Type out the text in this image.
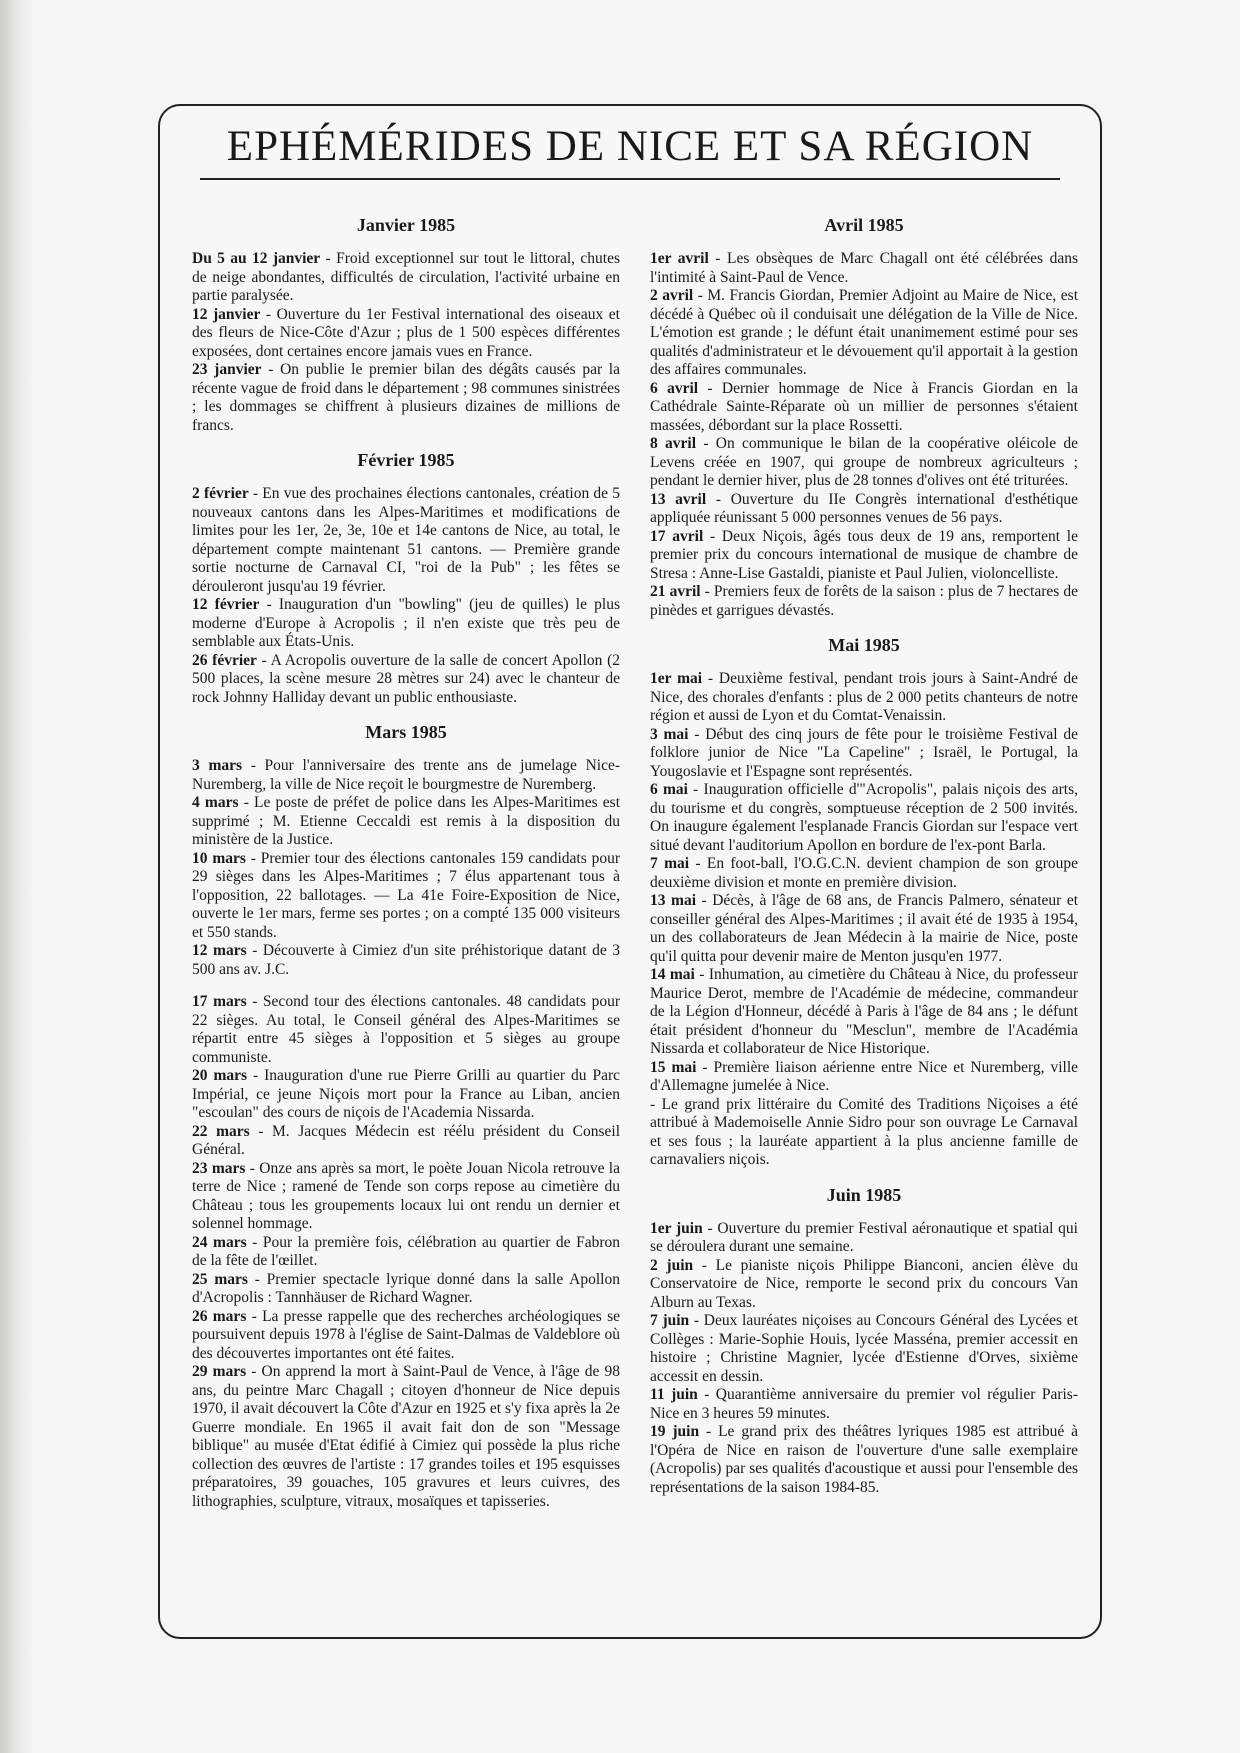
EPHÉMÉRIDES DE NICE ET SA RÉGION
Janvier 1985

Du 5 au 12 janvier - Froid exceptionnel sur tout le littoral, chutes de neige abondantes, difficultés de circulation, l'activité urbaine en partie paralysée.

12 janvier - Ouverture du 1er Festival international des oiseaux et des fleurs de Nice-Côte d'Azur ; plus de 1 500 espèces différentes exposées, dont certaines encore jamais vues en France.

23 janvier - On publie le premier bilan des dégâts causés par la récente vague de froid dans le département ; 98 communes sinistrées ; les dommages se chiffrent à plusieurs dizaines de millions de francs.

Février 1985

2 février - En vue des prochaines élections cantonales, création de 5 nouveaux cantons dans les Alpes-Maritimes et modifications de limites pour les 1er, 2e, 3e, 10e et 14e cantons de Nice, au total, le département compte maintenant 51 cantons. — Première grande sortie nocturne de Carnaval CI, "roi de la Pub" ; les fêtes se dérouleront jusqu'au 19 février.

12 février - Inauguration d'un "bowling" (jeu de quilles) le plus moderne d'Europe à Acropolis ; il n'en existe que très peu de semblable aux États-Unis.

26 février - A Acropolis ouverture de la salle de concert Apollon (2 500 places, la scène mesure 28 mètres sur 24) avec le chanteur de rock Johnny Halliday devant un public enthousiaste.

Mars 1985

3 mars - Pour l'anniversaire des trente ans de jumelage Nice-Nuremberg, la ville de Nice reçoit le bourgmestre de Nuremberg.

4 mars - Le poste de préfet de police dans les Alpes-Maritimes est supprimé ; M. Etienne Ceccaldi est remis à la disposition du ministère de la Justice.

10 mars - Premier tour des élections cantonales 159 candidats pour 29 sièges dans les Alpes-Maritimes ; 7 élus appartenant tous à l'opposition, 22 ballotages. — La 41e Foire-Exposition de Nice, ouverte le 1er mars, ferme ses portes ; on a compté 135 000 visiteurs et 550 stands.

12 mars - Découverte à Cimiez d'un site préhistorique datant de 3 500 ans av. J.C.

17 mars - Second tour des élections cantonales. 48 candidats pour 22 sièges. Au total, le Conseil général des Alpes-Maritimes se répartit entre 45 sièges à l'opposition et 5 sièges au groupe communiste.

20 mars - Inauguration d'une rue Pierre Grilli au quartier du Parc Impérial, ce jeune Niçois mort pour la France au Liban, ancien "escoulan" des cours de niçois de l'Academia Nissarda.

22 mars - M. Jacques Médecin est réélu président du Conseil Général.

23 mars - Onze ans après sa mort, le poète Jouan Nicola retrouve la terre de Nice ; ramené de Tende son corps repose au cimetière du Château ; tous les groupements locaux lui ont rendu un dernier et solennel hommage.

24 mars - Pour la première fois, célébration au quartier de Fabron de la fête de l'œillet.

25 mars - Premier spectacle lyrique donné dans la salle Apollon d'Acropolis : Tannhäuser de Richard Wagner.

26 mars - La presse rappelle que des recherches archéologiques se poursuivent depuis 1978 à l'église de Saint-Dalmas de Valdeblore où des découvertes importantes ont été faites.

29 mars - On apprend la mort à Saint-Paul de Vence, à l'âge de 98 ans, du peintre Marc Chagall ; citoyen d'honneur de Nice depuis 1970, il avait découvert la Côte d'Azur en 1925 et s'y fixa après la 2e Guerre mondiale. En 1965 il avait fait don de son "Message biblique" au musée d'Etat édifié à Cimiez qui possède la plus riche collection des œuvres de l'artiste : 17 grandes toiles et 195 esquisses préparatoires, 39 gouaches, 105 gravures et leurs cuivres, des lithographies, sculpture, vitraux, mosaïques et tapisseries.

Avril 1985

1er avril - Les obsèques de Marc Chagall ont été célébrées dans l'intimité à Saint-Paul de Vence.

2 avril - M. Francis Giordan, Premier Adjoint au Maire de Nice, est décédé à Québec où il conduisait une délégation de la Ville de Nice. L'émotion est grande ; le défunt était unanimement estimé pour ses qualités d'administrateur et le dévouement qu'il apportait à la gestion des affaires communales.

6 avril - Dernier hommage de Nice à Francis Giordan en la Cathédrale Sainte-Réparate où un millier de personnes s'étaient massées, débordant sur la place Rossetti.

8 avril - On communique le bilan de la coopérative oléicole de Levens créée en 1907, qui groupe de nombreux agriculteurs ; pendant le dernier hiver, plus de 28 tonnes d'olives ont été triturées.

13 avril - Ouverture du IIe Congrès international d'esthétique appliquée réunissant 5 000 personnes venues de 56 pays.

17 avril - Deux Niçois, âgés tous deux de 19 ans, remportent le premier prix du concours international de musique de chambre de Stresa : Anne-Lise Gastaldi, pianiste et Paul Julien, violoncelliste.

21 avril - Premiers feux de forêts de la saison : plus de 7 hectares de pinèdes et garrigues dévastés.

Mai 1985

1er mai - Deuxième festival, pendant trois jours à Saint-André de Nice, des chorales d'enfants : plus de 2 000 petits chanteurs de notre région et aussi de Lyon et du Comtat-Venaissin.

3 mai - Début des cinq jours de fête pour le troisième Festival de folklore junior de Nice "La Capeline" ; Israël, le Portugal, la Yougoslavie et l'Espagne sont représentés.

6 mai - Inauguration officielle d'"Acropolis", palais niçois des arts, du tourisme et du congrès, somptueuse réception de 2 500 invités. On inaugure également l'esplanade Francis Giordan sur l'espace vert situé devant l'auditorium Apollon en bordure de l'ex-pont Barla.

7 mai - En foot-ball, l'O.G.C.N. devient champion de son groupe deuxième division et monte en première division.

13 mai - Décès, à l'âge de 68 ans, de Francis Palmero, sénateur et conseiller général des Alpes-Maritimes ; il avait été de 1935 à 1954, un des collaborateurs de Jean Médecin à la mairie de Nice, poste qu'il quitta pour devenir maire de Menton jusqu'en 1977.

14 mai - Inhumation, au cimetière du Château à Nice, du professeur Maurice Derot, membre de l'Académie de médecine, commandeur de la Légion d'Honneur, décédé à Paris à l'âge de 84 ans ; le défunt était président d'honneur du "Mesclun", membre de l'Académia Nissarda et collaborateur de Nice Historique.

15 mai - Première liaison aérienne entre Nice et Nuremberg, ville d'Allemagne jumelée à Nice.

- Le grand prix littéraire du Comité des Traditions Niçoises a été attribué à Mademoiselle Annie Sidro pour son ouvrage Le Carnaval et ses fous ; la lauréate appartient à la plus ancienne famille de carnavaliers niçois.

Juin 1985

1er juin - Ouverture du premier Festival aéronautique et spatial qui se déroulera durant une semaine.

2 juin - Le pianiste niçois Philippe Bianconi, ancien élève du Conservatoire de Nice, remporte le second prix du concours Van Alburn au Texas.

7 juin - Deux lauréates niçoises au Concours Général des Lycées et Collèges : Marie-Sophie Houis, lycée Masséna, premier accessit en histoire ; Christine Magnier, lycée d'Estienne d'Orves, sixième accessit en dessin.

11 juin - Quarantième anniversaire du premier vol régulier Paris-Nice en 3 heures 59 minutes.

19 juin - Le grand prix des théâtres lyriques 1985 est attribué à l'Opéra de Nice en raison de l'ouverture d'une salle exemplaire (Acropolis) par ses qualités d'acoustique et aussi pour l'ensemble des représentations de la saison 1984-85.
